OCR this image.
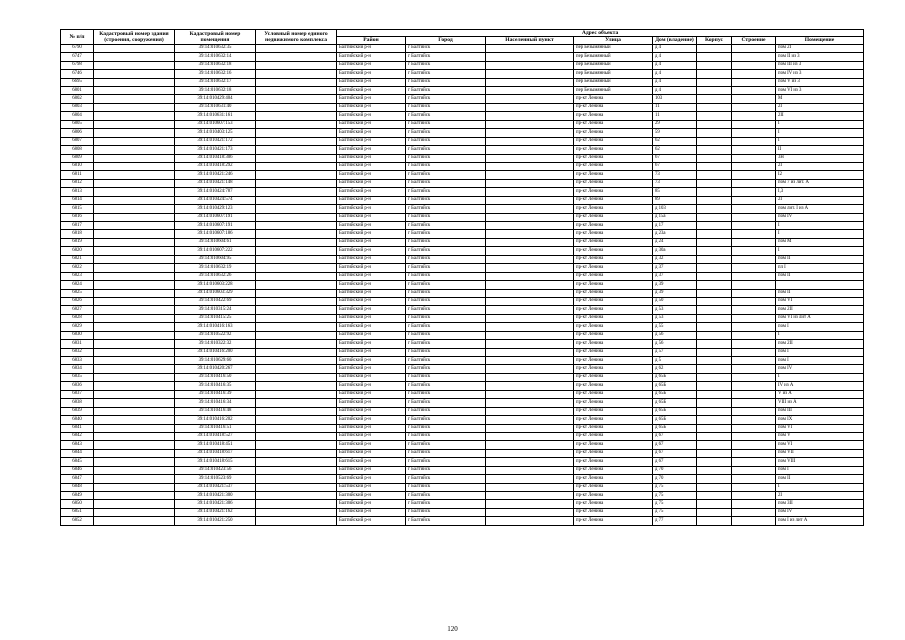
№ п/п	Кадастровый номер здания (строения, сооружения)	Кадастровый номер помещения	Условный номер единого недвижимого комплекса	Адрес объекта							
				Район	Город	Населенный пункт	Улица	Дом (владение)	Корпус	Строение	Помещение
6790		39:14:010632:35		Балтийский р-н	г Балтийск		пер Безымянный	д 4			пом 2I
6747		39:14:010632:14		Балтийский р-н	г Балтийск		пер Безымянный	д 4			пом II из 3
6798		39:14:010632:18		Балтийский р-н	г Балтийск		пер Безымянный	д 4			пом III из 3
6746		39:14:010632:16		Балтийский р-н	г Балтийск		пер Безымянный	д 4			пом IV из 3
6695		39:14:010632:17		Балтийский р-н	г Балтийск		пер Безымянный	д 4			пом V из 3
6801		39:14:010632:18		Балтийский р-н	г Балтийск		пер Безымянный	д 4			пом VI из 3
6802		39:14:010429:404		Балтийский р-н	г Балтийск		пр-кт Ленина	103			M
6803		39:14:010631:40		Балтийский р-н	г Балтийск		пр-кт Ленина	11			2I
6804		39:14:010631:161		Балтийский р-н	г Балтийск		пр-кт Ленина	11			2II
6805		39:14:010607:153		Балтийский р-н	г Балтийск		пр-кт Ленина	29			I
6806		39:14:010403:125		Балтийский р-н	г Балтийск		пр-кт Ленина	59			I
6807		39:14:010421:172		Балтийский р-н	г Балтийск		пр-кт Ленина	62			I
6808		39:14:010421:173		Балтийский р-н	г Балтийск		пр-кт Ленина	62			II
6809		39:14:010418:306		Балтийский р-н	г Балтийск		пр-кт Ленина	67			3Н
6810		39:14:010418:292		Балтийский р-н	г Балтийск		пр-кт Ленина	67			2I
6811		39:14:010421:246		Балтийский р-н	г Балтийск		пр-кт Ленина	73			I2
6812		39:14:010421:148		Балтийский р-н	г Балтийск		пр-кт Ленина	73			пом 7 из лит. А
6813		39:14:010424:787		Балтийский р-н	г Балтийск		пр-кт Ленина	85			I,3
6814		39:14:010424:574		Балтийский р-н	г Балтийск		пр-кт Ленина	89			2I
6815		39:14:010429:123		Балтийский р-н	г Балтийск		пр-кт Ленина	д 103			пом лит. I из А
6816		39:14:010607:191		Балтийский р-н	г Балтийск		пр-кт Ленина	д 15а			пом IV
6817		39:14:010607:191		Балтийский р-н	г Балтийск		пр-кт Ленина	д 17			I
6818		39:14:010607:186		Балтийский р-н	г Балтийск		пр-кт Ленина	д 23а			I
6819		39:14:010604:61		Балтийский р-н	г Балтийск		пр-кт Ленина	д 24			пом М
6820		39:14:010607:222		Балтийский р-н	г Балтийск		пр-кт Ленина	д 30а			I
6821		39:14:010604:95		Балтийский р-н	г Балтийск		пр-кт Ленина	д 32			пом II
6822		39:14:010632:19		Балтийский р-н	г Балтийск		пр-кт Ленина	д 37			пл I
6823		39:14:010632:26		Балтийский р-н	г Балтийск		пр-кт Ленина	д 37			пом II
6824		39:14:010603:228		Балтийский р-н	г Балтийск		пр-кт Ленина	д 39			
6825		39:14:010603:329		Балтийский р-н	г Балтийск		пр-кт Ленина	д 39			пом II
6826		39:14:010422:69		Балтийский р-н	г Балтийск		пр-кт Ленина	д 50			пом VI
6827		39:14:010315:24		Балтийский р-н	г Балтийск		пр-кт Ленина	д 53			пом 2II
6828		39:14:010415:25		Балтийский р-н	г Балтийск		пр-кт Ленина	д 53			пом VI из лит А
6829		39:14:010416:163		Балтийский р-н	г Балтийск		пр-кт Ленина	д 55			пом I
6830		39:14:010522:92		Балтийский р-н	г Балтийск		пр-кт Ленина	д 56			I
6831		39:14:010322:32		Балтийский р-н	г Балтийск		пр-кт Ленина	д 56			пом 2II
6832		39:14:010416:200		Балтийский р-н	г Балтийск		пр-кт Ленина	д 57			пом I
6833		39:14:010629:60		Балтийский р-н	г Балтийск		пр-кт Ленина	д 5			пом I
6834		39:14:010420:267		Балтийский р-н	г Балтийск		пр-кт Ленина	д 62			пом IV
6835		39:14:010416:50		Балтийский р-н	г Балтийск		пр-кт Ленина	д 65Б			I
6836		39:14:010416:35		Балтийский р-н	г Балтийск		пр-кт Ленина	д 65Б			IV из А
6837		39:14:010416:39		Балтийский р-н	г Балтийск		пр-кт Ленина	д 65Б			V из А
6838		39:14:010416:34		Балтийский р-н	г Балтийск		пр-кт Ленина	д 65Б			VIII из А
6839		39:14:010416:48		Балтийский р-н	г Балтийск		пр-кт Ленина	д 65Б			пом III
6840		39:14:010416:202		Балтийский р-н	г Балтийск		пр-кт Ленина	д 65Б			пом IX
6841		39:14:010416:51		Балтийский р-н	г Балтийск		пр-кт Ленина	д 65Б			пом VI
6842		39:14:010418:527		Балтийский р-н	г Балтийск		пр-кт Ленина	д 67			пом V
6843		39:14:010418:451		Балтийский р-н	г Балтийск		пр-кт Ленина	д 67			пом VI
6844		39:14:010418:617		Балтийский р-н	г Балтийск		пр-кт Ленина	д 67			пом VII
6845		39:14:010418:615		Балтийский р-н	г Балтийск		пр-кт Ленина	д 67			пом VIII
6846		39:14:010423:56		Балтийский р-н	г Балтийск		пр-кт Ленина	д 70			пом I
6847		39:14:010523:69		Балтийский р-н	г Балтийск		пр-кт Ленина	д 70			пом II
6848		39:14:010421:537		Балтийский р-н	г Балтийск		пр-кт Ленина	д 75			I
6849		39:14:010421:300		Балтийский р-н	г Балтийск		пр-кт Ленина	д 75			2I
6850		39:14:010421:306		Балтийский р-н	г Балтийск		пр-кт Ленина	д 75			пом 3II
6851		39:14:010421:162		Балтийский р-н	г Балтийск		пр-кт Ленина	д 75			пом IV
6852		39:14:010421:250		Балтийский р-н	г Балтийск		пр-кт Ленина	д 77			пом I из лит А
120
